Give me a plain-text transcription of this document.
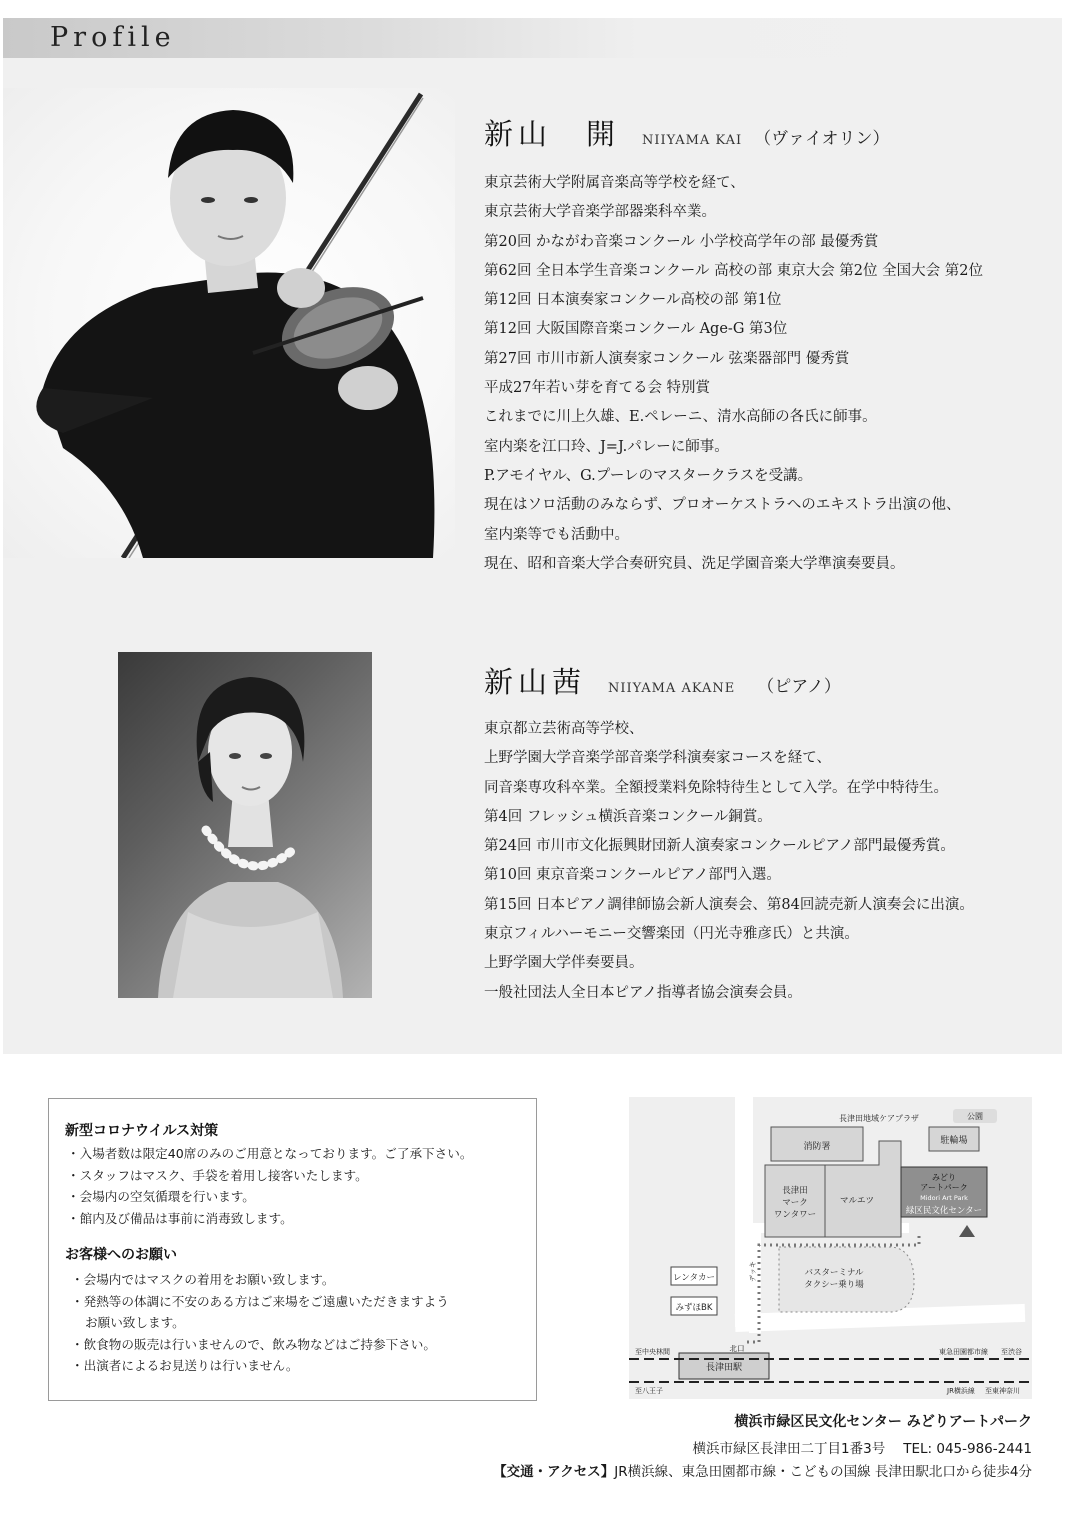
Profile
新山　開 NIIYAMA KAI （ヴァイオリン）
東京芸術大学附属音楽高等学校を経て、
東京芸術大学音楽学部器楽科卒業。
第20回 かながわ音楽コンクール 小学校高学年の部 最優秀賞
第62回 全日本学生音楽コンクール 高校の部 東京大会 第2位 全国大会 第2位
第12回 日本演奏家コンクール高校の部 第1位
第12回 大阪国際音楽コンクール Age-G 第3位
第27回 市川市新人演奏家コンクール 弦楽器部門 優秀賞
平成27年若い芽を育てる会 特別賞
これまでに川上久雄、E.ペレーニ、清水高師の各氏に師事。
室内楽を江口玲、J=J.パレーに師事。
P.アモイヤル、G.プーレのマスタークラスを受講。
現在はソロ活動のみならず、プロオーケストラへのエキストラ出演の他、
室内楽等でも活動中。
現在、昭和音楽大学合奏研究員、洗足学園音楽大学準演奏要員。
新山茜 NIIYAMA AKANE （ピアノ）
東京都立芸術高等学校、
上野学園大学音楽学部音楽学科演奏家コースを経て、
同音楽専攻科卒業。全額授業料免除特待生として入学。在学中特待生。
第4回 フレッシュ横浜音楽コンクール銅賞。
第24回 市川市文化振興財団新人演奏家コンクールピアノ部門最優秀賞。
第10回 東京音楽コンクールピアノ部門入選。
第15回 日本ピアノ調律師協会新人演奏会、第84回読売新人演奏会に出演。
東京フィルハーモニー交響楽団（円光寺雅彦氏）と共演。
上野学園大学伴奏要員。
一般社団法人全日本ピアノ指導者協会演奏会員。
新型コロナウイルス対策
・入場者数は限定40席のみのご用意となっております。ご了承下さい。
・スタッフはマスク、手袋を着用し接客いたします。
・会場内の空気循環を行います。
・館内及び備品は事前に消毒致します。
お客様へのお願い
・会場内ではマスクの着用をお願い致します。
・発熱等の体調に不安のある方はご来場をご遠慮いただきますよう
お願い致します。
・飲食物の販売は行いませんので、飲み物などはご持参下さい。
・出演者によるお見送りは行いません。
消防署
駐輪場
長津田
マーク
ワンタワー
マルエツ
みどり
アートパーク
Midori Art Park
緑区民文化センター
レンタカー
みずほBK
バスターミナル
タクシー乗り場
デッキ
長津田地域ケアプラザ	公園
長津田駅
北口
至中央林間
至八王子
東急田園都市線 至渋谷
JR横浜線 至東神奈川
横浜市緑区民文化センター みどりアートパーク
横浜市緑区長津田二丁目1番3号 TEL: 045-986-2441
【交通・アクセス】JR横浜線、東急田園都市線・こどもの国線 長津田駅北口から徒歩4分
